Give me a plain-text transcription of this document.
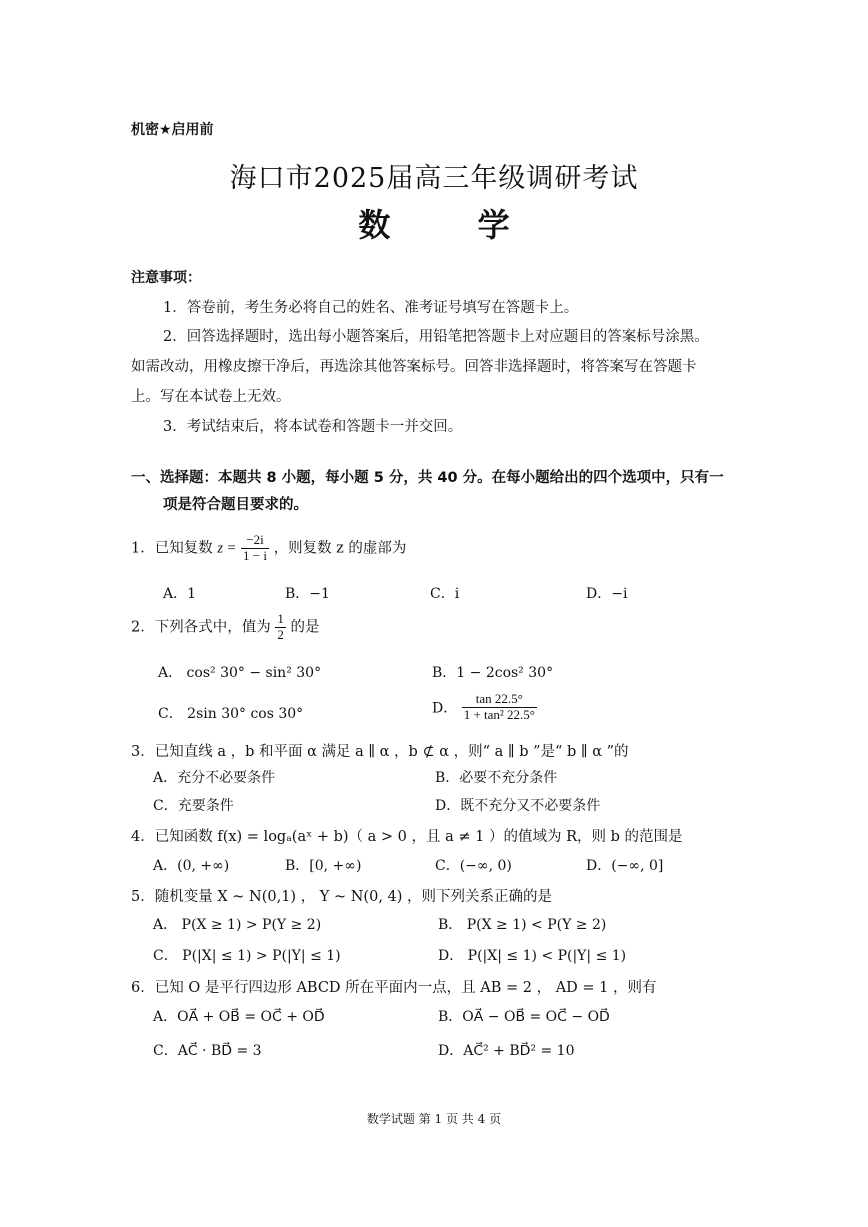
机密★启用前
海口市2025届高三年级调研考试
数 学
注意事项：
1．答卷前，考生务必将自己的姓名、准考证号填写在答题卡上。
2．回答选择题时，选出每小题答案后，用铅笔把答题卡上对应题目的答案标号涂黑。
如需改动，用橡皮擦干净后，再选涂其他答案标号。回答非选择题时，将答案写在答题卡
上。写在本试卷上无效。
3．考试结束后，将本试卷和答题卡一并交回。
一、选择题：本题共 8 小题，每小题 5 分，共 40 分。在每小题给出的四个选项中，只有一
项是符合题目要求的。
1．已知复数 $z = \frac{-2i}{1 - i}$ ，则复数 z 的虚部为
A．1	B．−1	C．i	D．−i
2．下列各式中，值为 $\frac{1}{2}$ 的是
A． cos² 30° − sin² 30°	B．1 − 2cos² 30°
C． 2sin 30° cos 30°	D． $\frac{\tan 22.5^\circ}{\text{1 + tan² 22.5°}}$
3．已知直线 a ，b 和平面 α 满足 a ∥ α ，b ⊄ α ，则“ a ∥ b ”是“ b ∥ α ”的
A．充分不必要条件	B．必要不充分条件
C．充要条件	D．既不充分又不必要条件
4．已知函数 f(x) = logₐ(aˣ + b)（ a > 0 ，且 a ≠ 1 ）的值域为 R，则 b 的范围是
A．(0, +∞)	B．[0, +∞)	C．(−∞, 0)	D．(−∞, 0]
5．随机变量 X ~ N(0,1) ， Y ~ N(0, 4) ，则下列关系正确的是
A． P(X ≥ 1) > P(Y ≥ 2)	B． P(X ≥ 1) < P(Y ≥ 2)
C． P(|X| ≤ 1) > P(|Y| ≤ 1)	D． P(|X| ≤ 1) < P(|Y| ≤ 1)
6．已知 O 是平行四边形 ABCD 所在平面内一点，且 AB = 2 ， AD = 1 ，则有
A．OA⃗ + OB⃗ = OC⃗ + OD⃗	B．OA⃗ − OB⃗ = OC⃗ − OD⃗
C．AC⃗ · BD⃗ = 3	D．AC⃗² + BD⃗² = 10
数学试题 第 1 页 共 4 页
